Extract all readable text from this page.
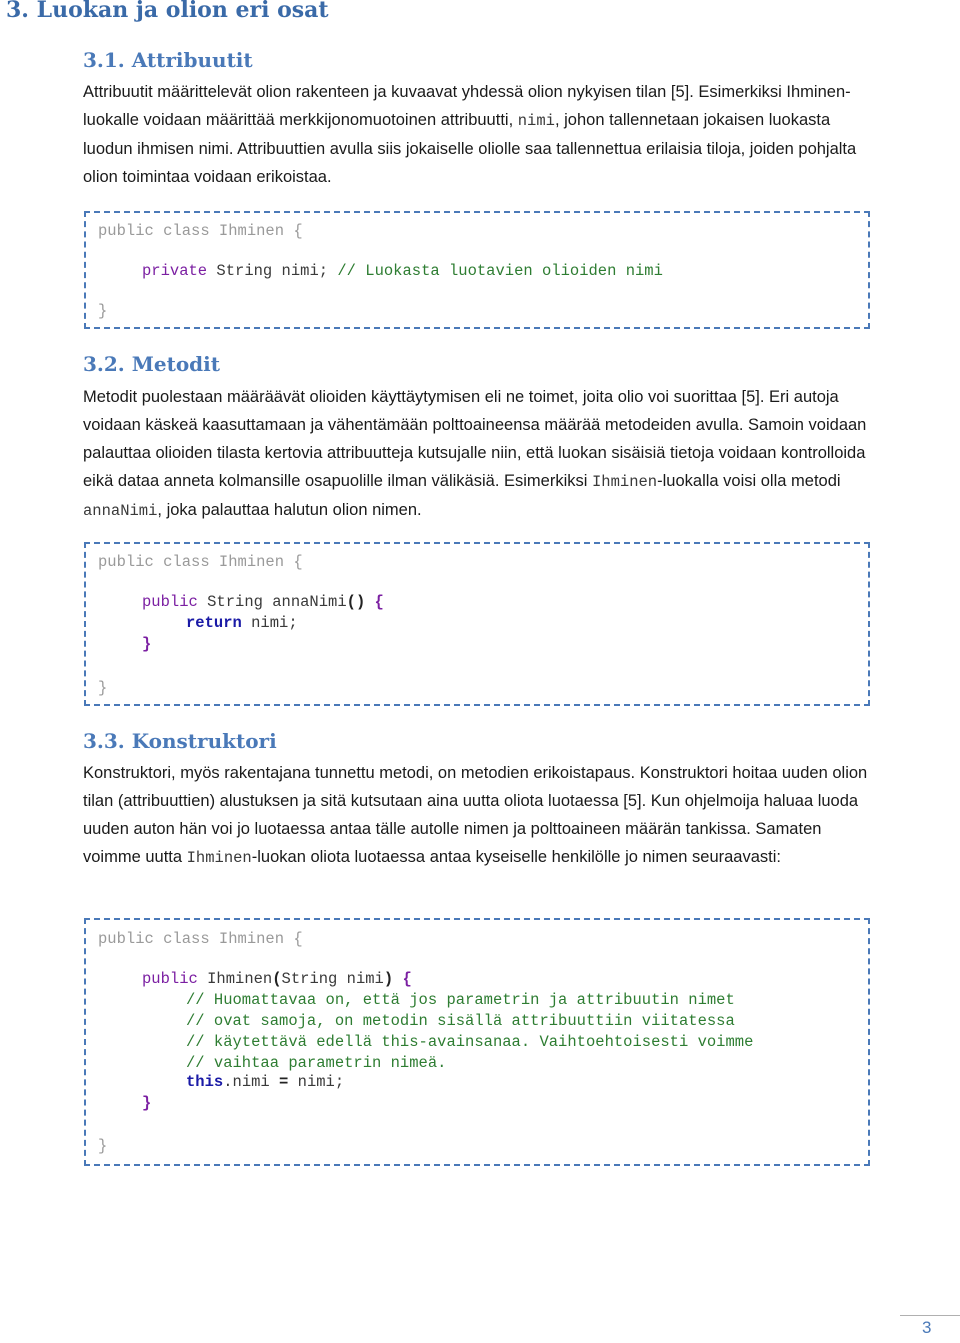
3. Luokan ja olion eri osat
3.1. Attribuutit

Attribuutit määrittelevät olion rakenteen ja kuvaavat yhdessä olion nykyisen tilan [5]. Esimerkiksi Ihminen-luokalle voidaan määrittää merkkijonomuotoinen attribuutti, nimi, johon tallennetaan jokaisen luokasta luodun ihmisen nimi. Attribuuttien avulla siis jokaiselle oliolle saa tallennettua erilaisia tiloja, joiden pohjalta olion toimintaa voidaan erikoistaa.

public class Ihminen {
private String nimi; // Luokasta luotavien olioiden nimi
}
3.2. Metodit

Metodit puolestaan määräävät olioiden käyttäytymisen eli ne toimet, joita olio voi suorittaa [5]. Eri autoja voidaan käskeä kaasuttamaan ja vähentämään polttoaineensa määrää metodeiden avulla. Samoin voidaan palauttaa olioiden tilasta kertovia attribuutteja kutsujalle niin, että luokan sisäisiä tietoja voidaan kontrolloida eikä dataa anneta kolmansille osapuolille ilman välikäsiä. Esimerkiksi Ihminen-luokalla voisi olla metodi annaNimi, joka palauttaa halutun olion nimen.

public class Ihminen {
public String annaNimi() {
return nimi;
}
}
3.3. Konstruktori

Konstruktori, myös rakentajana tunnettu metodi, on metodien erikoistapaus. Konstruktori hoitaa uuden olion tilan (attribuuttien) alustuksen ja sitä kutsutaan aina uutta oliota luotaessa [5]. Kun ohjelmoija haluaa luoda uuden auton hän voi jo luotaessa antaa tälle autolle nimen ja polttoaineen määrän tankissa. Samaten voimme uutta Ihminen-luokan oliota luotaessa antaa kyseiselle henkilölle jo nimen seuraavasti:

public class Ihminen {
public Ihminen(String nimi) {
// Huomattavaa on, että jos parametrin ja attribuutin nimet
// ovat samoja, on metodin sisällä attribuuttiin viitatessa
// käytettävä edellä this-avainsanaa. Vaihtoehtoisesti voimme
// vaihtaa parametrin nimeä.
this.nimi = nimi;
}
}
3
